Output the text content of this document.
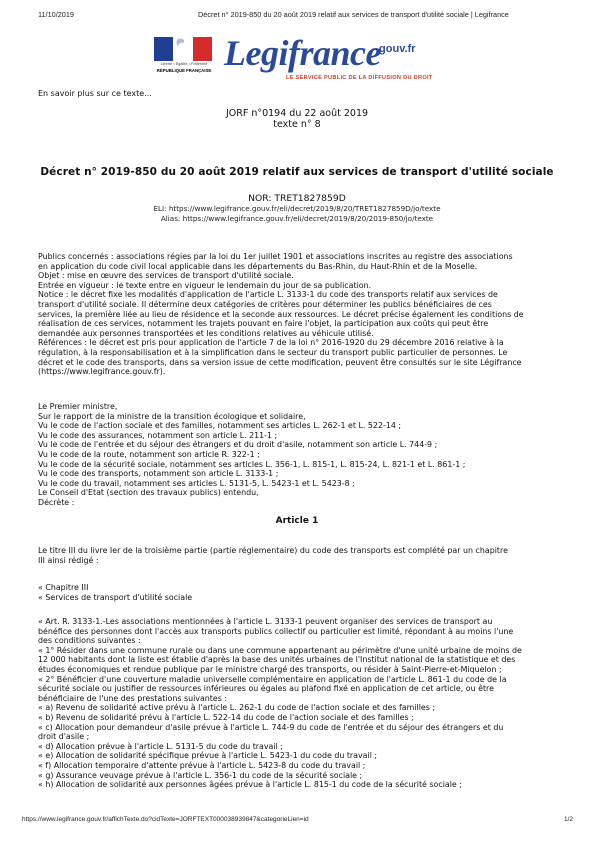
11/10/2019	Décret n° 2019-850 du 20 août 2019 relatif aux services de transport d'utilité sociale | Legifrance
Liberté • Égalité • Fraternité
RÉPUBLIQUE FRANÇAISE Legifrance
.gouv.fr
LE SERVICE PUBLIC DE LA DIFFUSION DU DROIT
En savoir plus sur ce texte...
JORF n°0194 du 22 août 2019
texte n° 8
Décret n° 2019-850 du 20 août 2019 relatif aux services de transport d'utilité sociale
NOR: TRET1827859D
ELI: https://www.legifrance.gouv.fr/eli/decret/2019/8/20/TRET1827859D/jo/texte
Alias: https://www.legifrance.gouv.fr/eli/decret/2019/8/20/2019-850/jo/texte

Publics concernés : associations régies par la loi du 1er juillet 1901 et associations inscrites au registre des associations

en application du code civil local applicable dans les départements du Bas-Rhin, du Haut-Rhin et de la Moselle.

Objet : mise en œuvre des services de transport d'utilité sociale.

Entrée en vigueur : le texte entre en vigueur le lendemain du jour de sa publication.

Notice : le décret fixe les modalités d'application de l'article L. 3133-1 du code des transports relatif aux services de

transport d'utilité sociale. Il détermine deux catégories de critères pour déterminer les publics bénéficiaires de ces

services, la première liée au lieu de résidence et la seconde aux ressources. Le décret précise également les conditions de

réalisation de ces services, notamment les trajets pouvant en faire l'objet, la participation aux coûts qui peut être

demandée aux personnes transportées et les conditions relatives au véhicule utilisé.

Références : le décret est pris pour application de l'article 7 de la loi n° 2016-1920 du 29 décembre 2016 relative à la

régulation, à la responsabilisation et à la simplification dans le secteur du transport public particulier de personnes. Le

décret et le code des transports, dans sa version issue de cette modification, peuvent être consultés sur le site Légifrance

(https://www.legifrance.gouv.fr).

Le Premier ministre,

Sur le rapport de la ministre de la transition écologique et solidaire,

Vu le code de l'action sociale et des familles, notamment ses articles L. 262-1 et L. 522-14 ;

Vu le code des assurances, notamment son article L. 211-1 ;

Vu le code de l'entrée et du séjour des étrangers et du droit d'asile, notamment son article L. 744-9 ;

Vu le code de la route, notamment son article R. 322-1 ;

Vu le code de la sécurité sociale, notamment ses articles L. 356-1, L. 815-1, L. 815-24, L. 821-1 et L. 861-1 ;

Vu le code des transports, notamment son article L. 3133-1 ;

Vu le code du travail, notamment ses articles L. 5131-5, L. 5423-1 et L. 5423-8 ;

Le Conseil d'Etat (section des travaux publics) entendu,

Décrète :

Article 1

Le titre III du livre Ier de la troisième partie (partie réglementaire) du code des transports est complété par un chapitre

III ainsi rédigé :

« Chapitre III

« Services de transport d'utilité sociale

« Art. R. 3133-1.-Les associations mentionnées à l'article L. 3133-1 peuvent organiser des services de transport au

bénéfice des personnes dont l'accès aux transports publics collectif ou particulier est limité, répondant à au moins l'une

des conditions suivantes :

« 1° Résider dans une commune rurale ou dans une commune appartenant au périmètre d'une unité urbaine de moins de

12 000 habitants dont la liste est établie d'après la base des unités urbaines de l'Institut national de la statistique et des

études économiques et rendue publique par le ministre chargé des transports, ou résider à Saint-Pierre-et-Miquelon ;

« 2° Bénéficier d'une couverture maladie universelle complémentaire en application de l'article L. 861-1 du code de la

sécurité sociale ou justifier de ressources inférieures ou égales au plafond fixé en application de cet article, ou être

bénéficiaire de l'une des prestations suivantes :

« a) Revenu de solidarité active prévu à l'article L. 262-1 du code de l'action sociale et des familles ;

« b) Revenu de solidarité prévu à l'article L. 522-14 du code de l'action sociale et des familles ;

« c) Allocation pour demandeur d'asile prévue à l'article L. 744-9 du code de l'entrée et du séjour des étrangers et du

droit d'asile ;

« d) Allocation prévue à l'article L. 5131-5 du code du travail ;

« e) Allocation de solidarité spécifique prévue à l'article L. 5423-1 du code du travail ;

« f) Allocation temporaire d'attente prévue à l'article L. 5423-8 du code du travail ;

« g) Assurance veuvage prévue à l'article L. 356-1 du code de la sécurité sociale ;

« h) Allocation de solidarité aux personnes âgées prévue à l'article L. 815-1 du code de la sécurité sociale ;

https://www.legifrance.gouv.fr/affichTexte.do?cidTexte=JORFTEXT000038939847&categorieLien=id	1/2
